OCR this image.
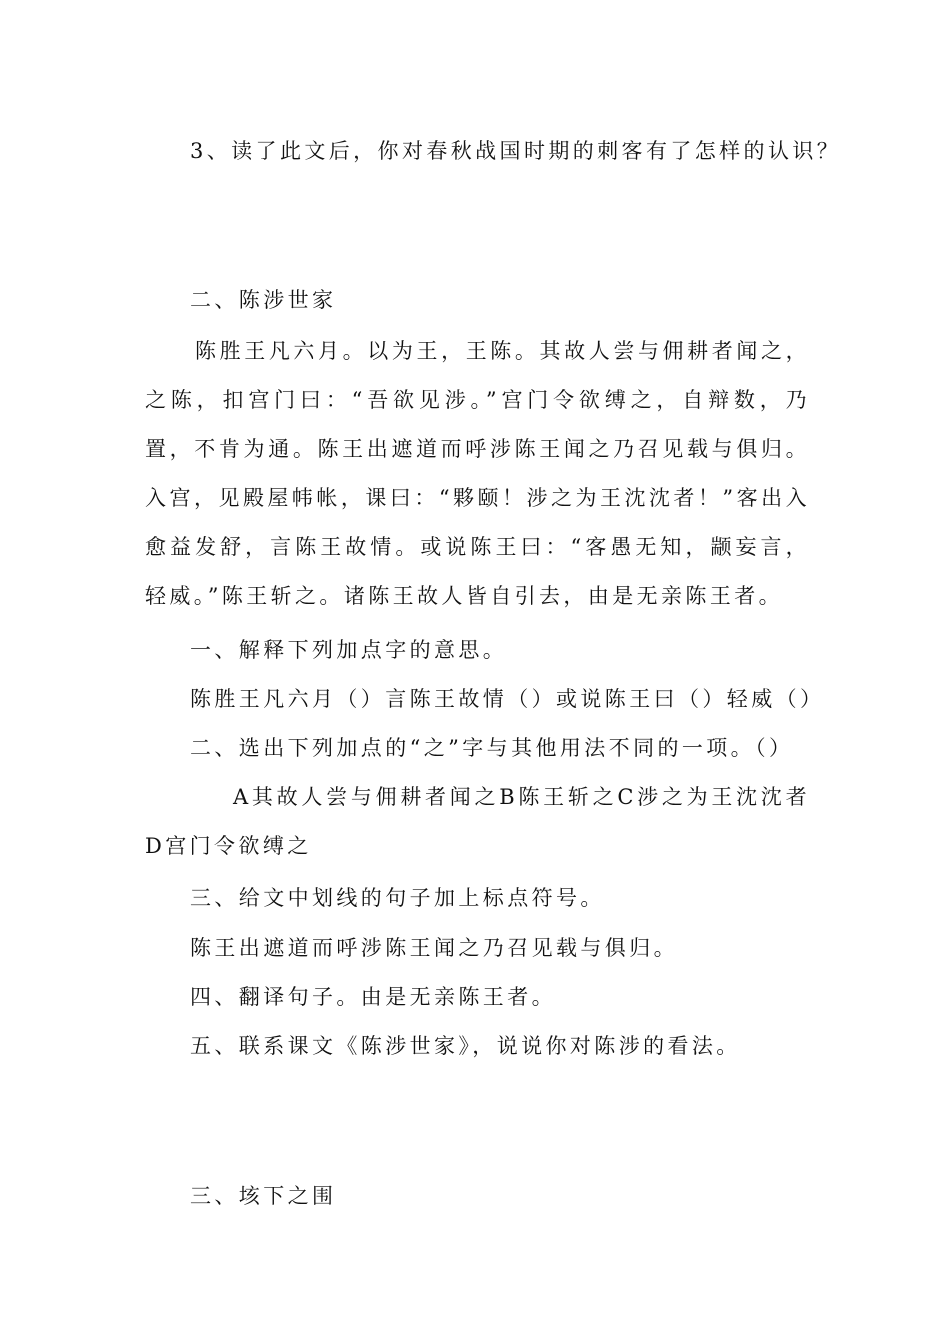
3、读了此文后，你对春秋战国时期的刺客有了怎样的认识？
二、陈涉世家
陈胜王凡六月。以为王，王陈。其故人尝与佣耕者闻之，之陈，扣宫门曰：“吾欲见涉。”宫门令欲缚之，自辩数，乃置，不肯为通。陈王出遮道而呼涉陈王闻之乃召见载与俱归。入宫，见殿屋帏帐，课曰：“夥颐！涉之为王沈沈者！”客出入愈益发舒，言陈王故情。或说陈王曰：“客愚无知，颛妄言，轻威。”陈王斩之。诸陈王故人皆自引去，由是无亲陈王者。
一、解释下列加点字的意思。
陈胜王凡六月（）言陈王故情（）或说陈王曰（）轻威（）
二、选出下列加点的“之”字与其他用法不同的一项。（）
A其故人尝与佣耕者闻之B陈王斩之C涉之为王沈沈者D宫门令欲缚之
三、给文中划线的句子加上标点符号。
陈王出遮道而呼涉陈王闻之乃召见载与俱归。
四、翻译句子。由是无亲陈王者。
五、联系课文《陈涉世家》，说说你对陈涉的看法。
三、垓下之围
